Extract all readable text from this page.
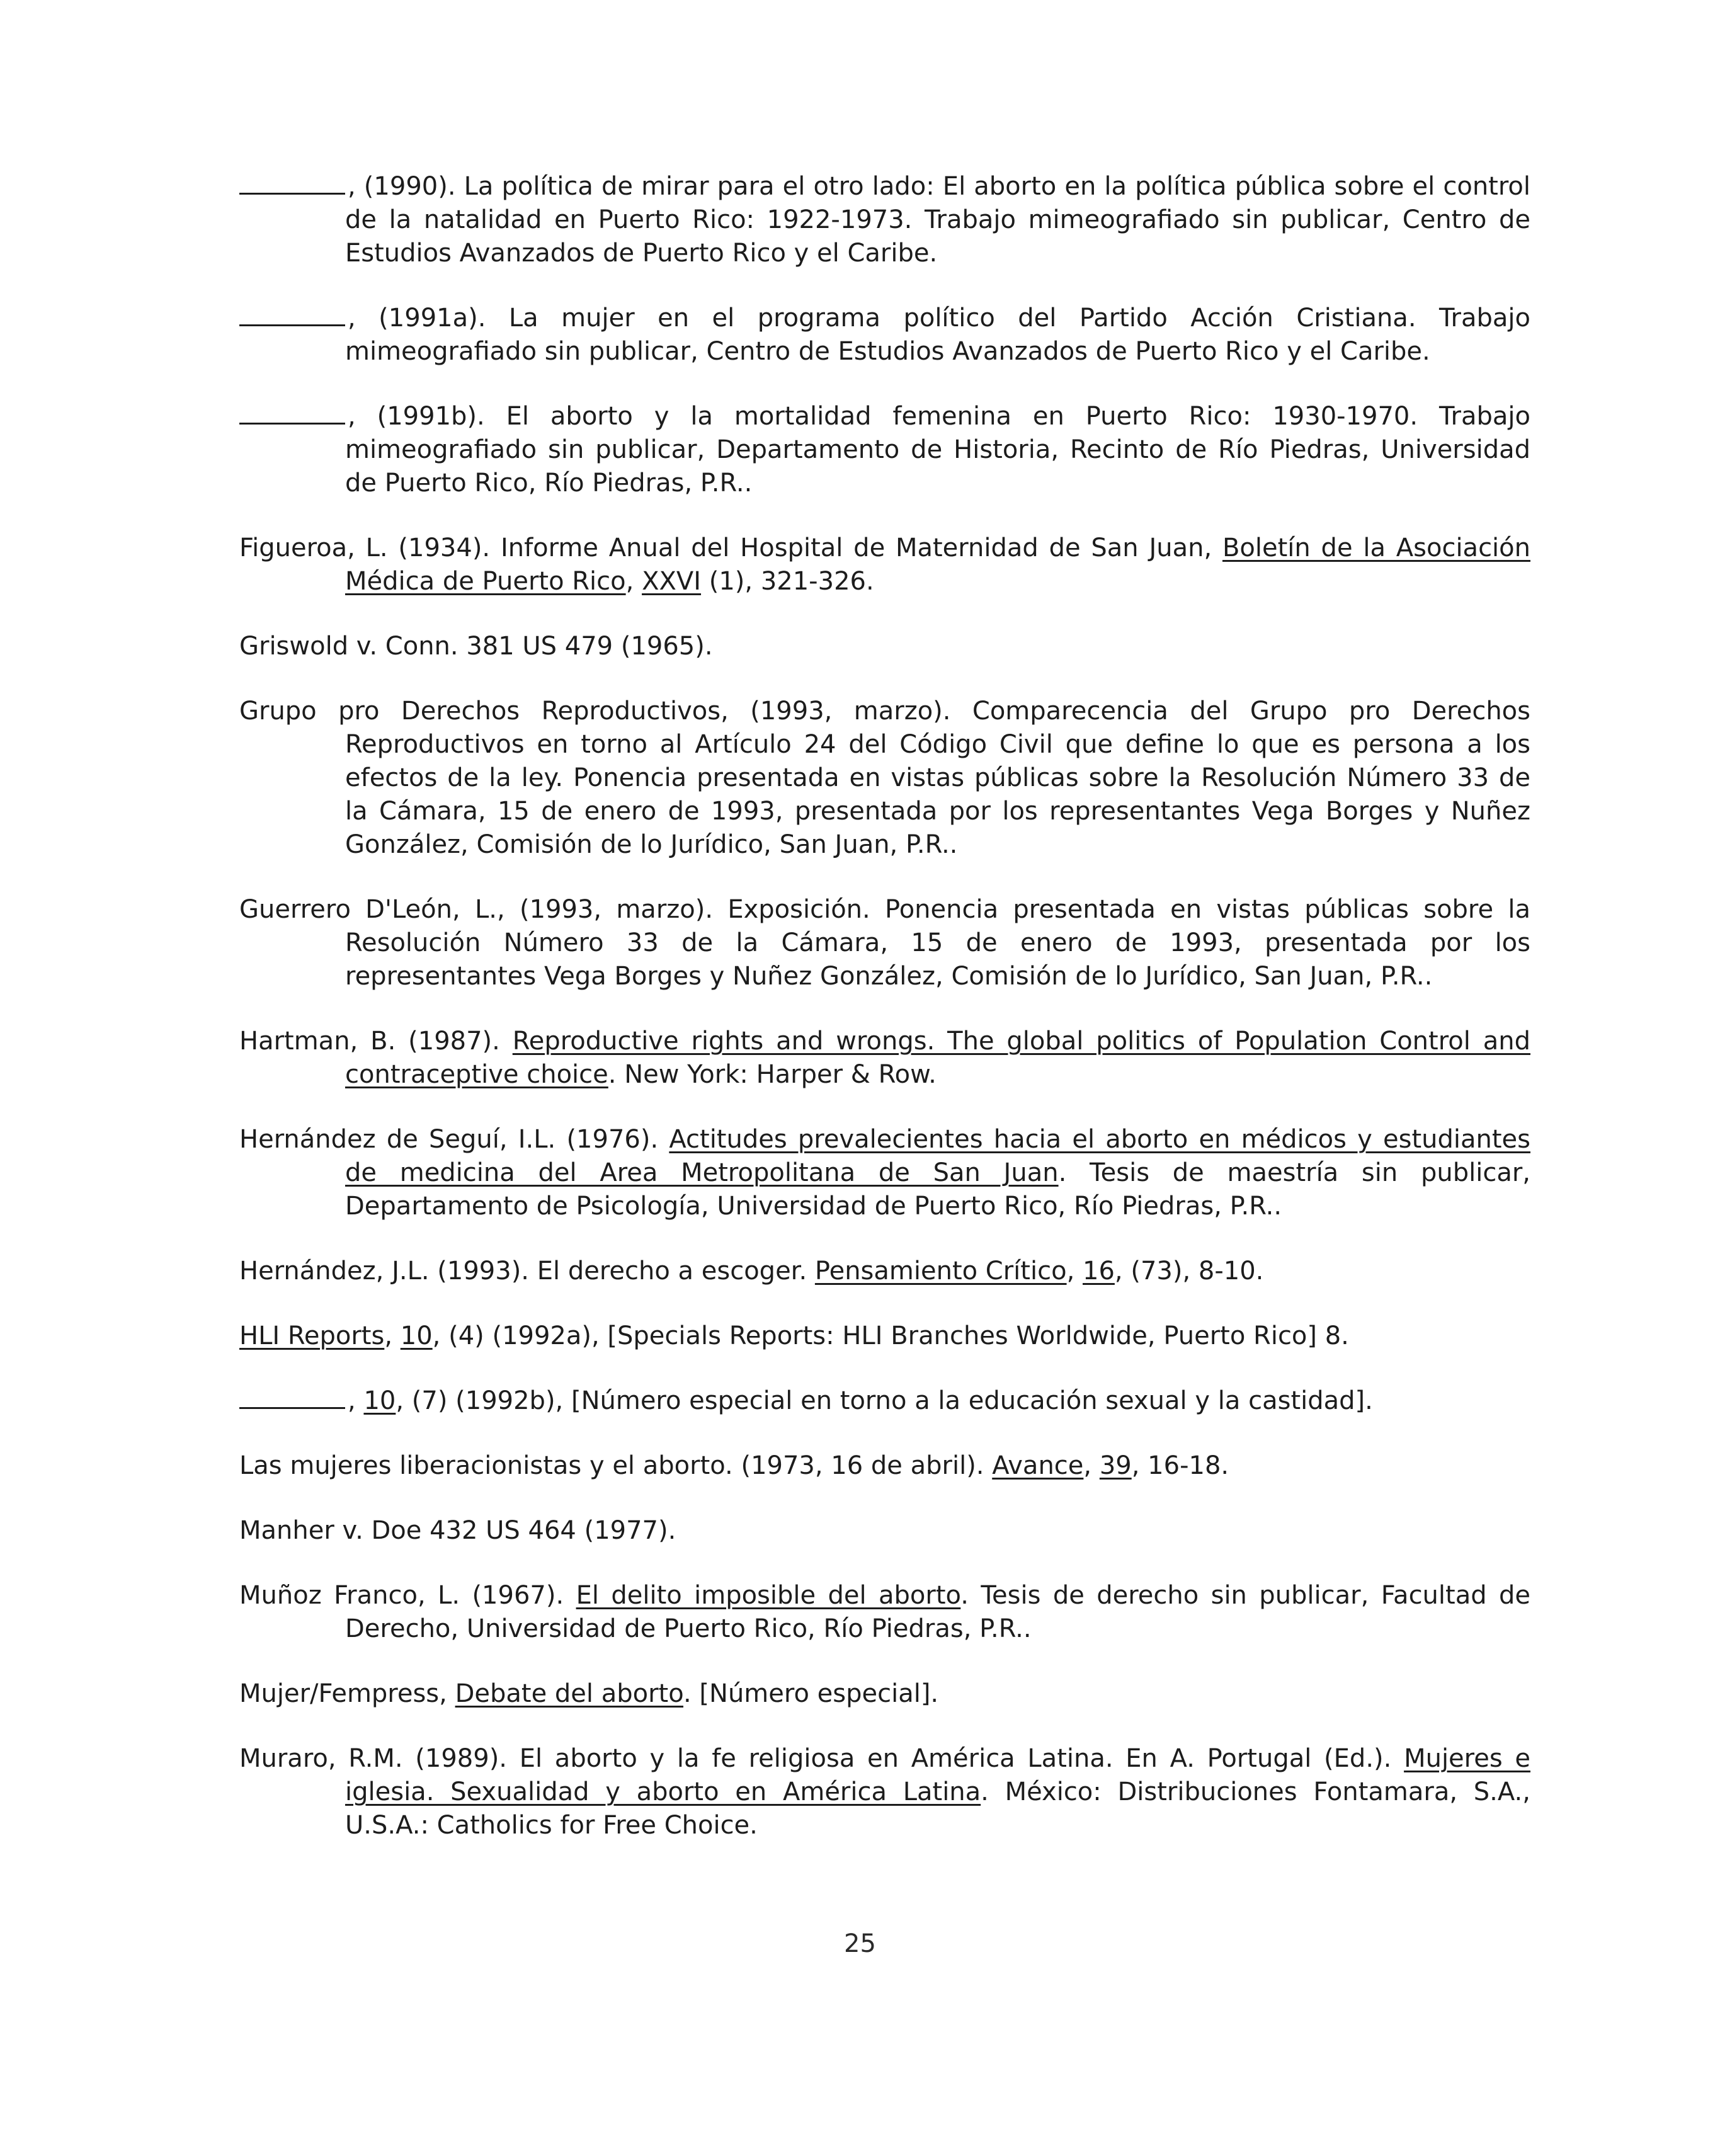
, (1990). La política de mirar para el otro lado: El aborto en la política pública sobre el control de la natalidad en Puerto Rico: 1922-1973. Trabajo mimeografiado sin publicar, Centro de Estudios Avanzados de Puerto Rico y el Caribe.

, (1991a). La mujer en el programa político del Partido Acción Cristiana. Trabajo mimeografiado sin publicar, Centro de Estudios Avanzados de Puerto Rico y el Caribe.

, (1991b). El aborto y la mortalidad femenina en Puerto Rico: 1930-1970. Trabajo mimeografiado sin publicar, Departamento de Historia, Recinto de Río Piedras, Universidad de Puerto Rico, Río Piedras, P.R..

Figueroa, L. (1934). Informe Anual del Hospital de Maternidad de San Juan, Boletín de la Asociación Médica de Puerto Rico, XXVI (1), 321-326.

Griswold v. Conn. 381 US 479 (1965).

Grupo pro Derechos Reproductivos, (1993, marzo). Comparecencia del Grupo pro Derechos Reproductivos en torno al Artículo 24 del Código Civil que define lo que es persona a los efectos de la ley. Ponencia presentada en vistas públicas sobre la Resolución Número 33 de la Cámara, 15 de enero de 1993, presentada por los representantes Vega Borges y Nuñez González, Comisión de lo Jurídico, San Juan, P.R..

Guerrero D'León, L., (1993, marzo). Exposición. Ponencia presentada en vistas públicas sobre la Resolución Número 33 de la Cámara, 15 de enero de 1993, presentada por los representantes Vega Borges y Nuñez González, Comisión de lo Jurídico, San Juan, P.R..

Hartman, B. (1987). Reproductive rights and wrongs. The global politics of Population Control and contraceptive choice. New York: Harper & Row.

Hernández de Seguí, I.L. (1976). Actitudes prevalecientes hacia el aborto en médicos y estudiantes de medicina del Area Metropolitana de San Juan. Tesis de maestría sin publicar, Departamento de Psicología, Universidad de Puerto Rico, Río Piedras, P.R..

Hernández, J.L. (1993). El derecho a escoger. Pensamiento Crítico, 16, (73), 8-10.

HLI Reports, 10, (4) (1992a), [Specials Reports: HLI Branches Worldwide, Puerto Rico] 8.

, 10, (7) (1992b), [Número especial en torno a la educación sexual y la castidad].

Las mujeres liberacionistas y el aborto. (1973, 16 de abril). Avance, 39, 16-18.

Manher v. Doe 432 US 464 (1977).

Muñoz Franco, L. (1967). El delito imposible del aborto. Tesis de derecho sin publicar, Facultad de Derecho, Universidad de Puerto Rico, Río Piedras, P.R..

Mujer/Fempress, Debate del aborto. [Número especial].

Muraro, R.M. (1989). El aborto y la fe religiosa en América Latina. En A. Portugal (Ed.). Mujeres e iglesia. Sexualidad y aborto en América Latina. México: Distribuciones Fontamara, S.A., U.S.A.: Catholics for Free Choice.

25
